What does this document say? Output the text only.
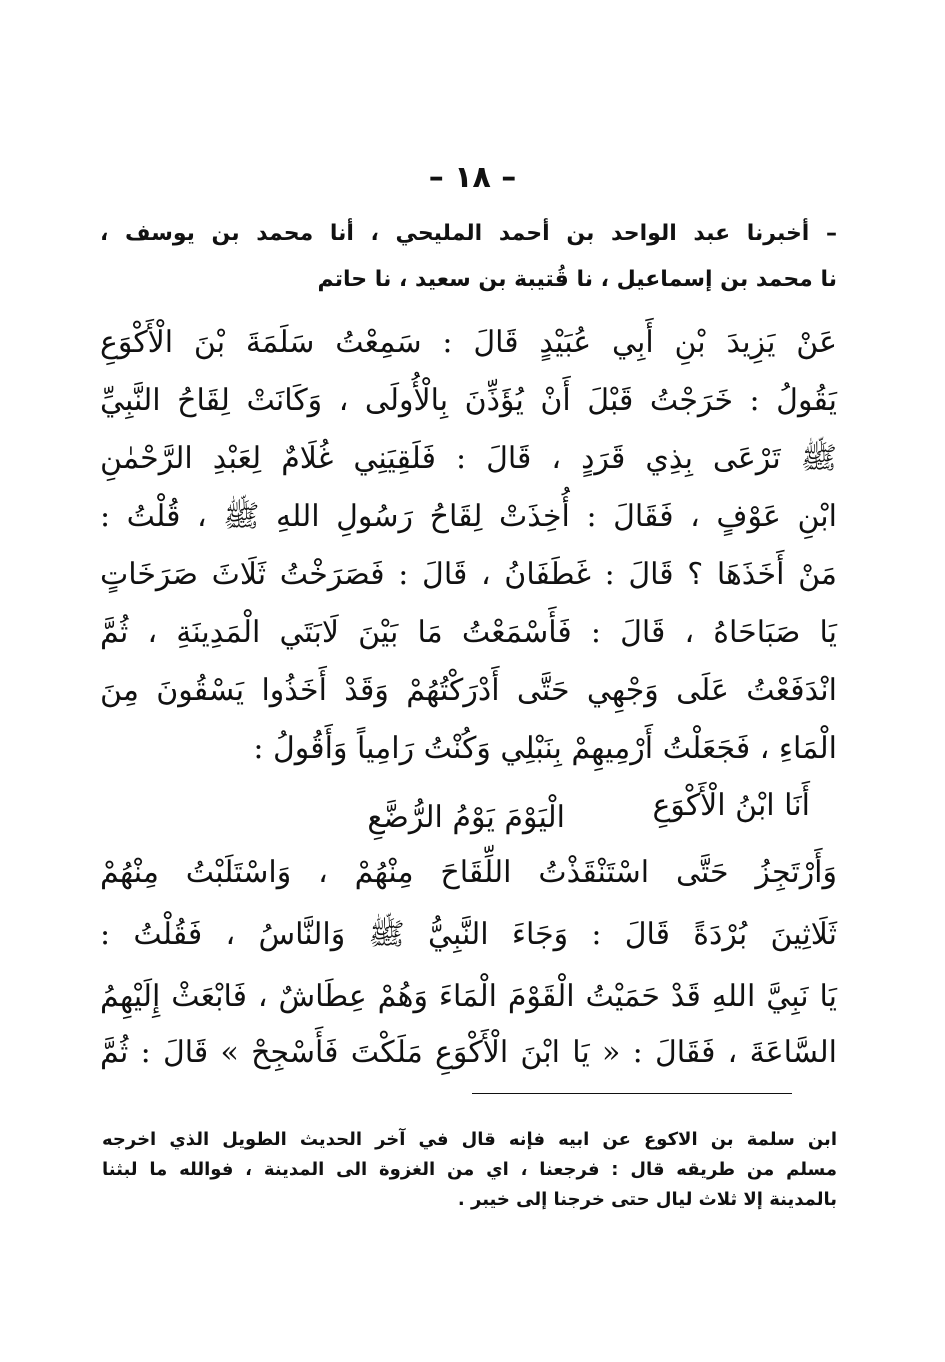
– ١٨ –
– أخبرنا عبد الواحد بن أحمد المليحي ، أنا محمد بن يوسف ،
نا محمد بن إسماعيل ، نا قُتيبة بن سعيد ، نا حاتم
عَنْ يَزِيدَ بْنِ أَبِي عُبَيْدٍ قَالَ : سَمِعْتُ سَلَمَةَ بْنَ الْأَكْوَعِ
يَقُولُ : خَرَجْتُ قَبْلَ أَنْ يُؤَذِّنَ بِالْأُولَى ، وَكَانَتْ لِقَاحُ النَّبِيِّ
ﷺ تَرْعَى بِذِي قَرَدٍ ، قَالَ : فَلَقِيَنِي غُلَامٌ لِعَبْدِ الرَّحْمٰنِ
ابْنِ عَوْفٍ ، فَقَالَ : أُخِذَتْ لِقَاحُ رَسُولِ اللهِ ﷺ ، قُلْتُ :
مَنْ أَخَذَهَا ؟ قَالَ : غَطَفَانُ ، قَالَ : فَصَرَخْتُ ثَلَاثَ صَرَخَاتٍ
يَا صَبَاحَاهُ ، قَالَ : فَأَسْمَعْتُ مَا بَيْنَ لَابَتَي الْمَدِينَةِ ، ثُمَّ
انْدَفَعْتُ عَلَى وَجْهِي حَتَّى أَدْرَكْتُهُمْ وَقَدْ أَخَذُوا يَسْقُونَ مِنَ
الْمَاءِ ، فَجَعَلْتُ أَرْمِيهِمْ بِنَبْلِي وَكُنْتُ رَامِياً وَأَقُولُ :
أَنَا ابْنُ الْأَكْوَعِ
الْيَوْمَ يَوْمُ الرُّضَّعِ
وَأَرْتَجِزُ حَتَّى اسْتَنْقَذْتُ اللِّقَاحَ مِنْهُمْ ، وَاسْتَلَبْتُ مِنْهُمْ
ثَلَاثِينَ بُرْدَةً قَالَ : وَجَاءَ النَّبِيُّ ﷺ وَالنَّاسُ ، فَقُلْتُ :
يَا نَبِيَّ اللهِ قَدْ حَمَيْتُ الْقَوْمَ الْمَاءَ وَهُمْ عِطَاشٌ ، فَابْعَثْ إِلَيْهِمُ
السَّاعَةَ ، فَقَالَ : « يَا ابْنَ الْأَكْوَعِ مَلَكْتَ فَأَسْجِحْ » قَالَ : ثُمَّ
ابن سلمة بن الاكوع عن ابيه فإنه قال في آخر الحديث الطويل الذي اخرجه
مسلم من طريقه قال : فرجعنا ، اي من الغزوة الى المدينة ، فوالله ما لبثنا
بالمدينة إلا ثلاث ليال حتى خرجنا إلى خيبر .
